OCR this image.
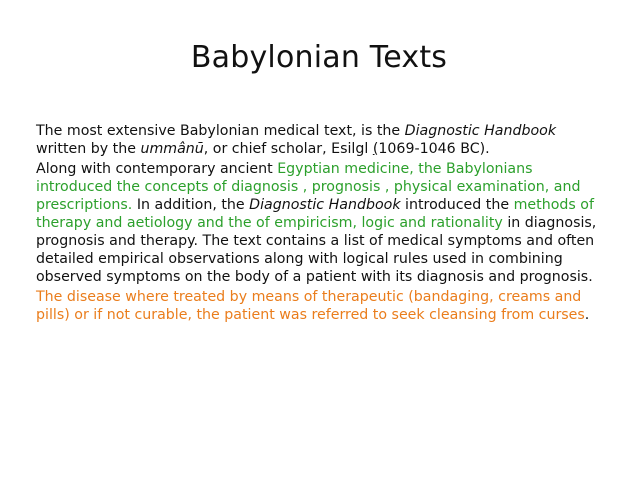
Babylonian Texts

The most extensive Babylonian medical text, is the Diagnostic Handbook written by the ummânū, or chief scholar, Esilgl (1069-1046 BC).

Along with contemporary ancient Egyptian medicine, the Babylonians introduced the concepts of diagnosis , prognosis , physical examination, and prescriptions. In addition, the Diagnostic Handbook introduced the methods of therapy and aetiology and the of empiricism, logic and rationality in diagnosis, prognosis and therapy. The text contains a list of medical symptoms and often detailed empirical observations along with logical rules used in combining observed symptoms on the body of a patient with its diagnosis and prognosis.

The disease where treated by means of therapeutic (bandaging, creams and pills) or if not curable, the patient was referred to seek cleansing from curses.
